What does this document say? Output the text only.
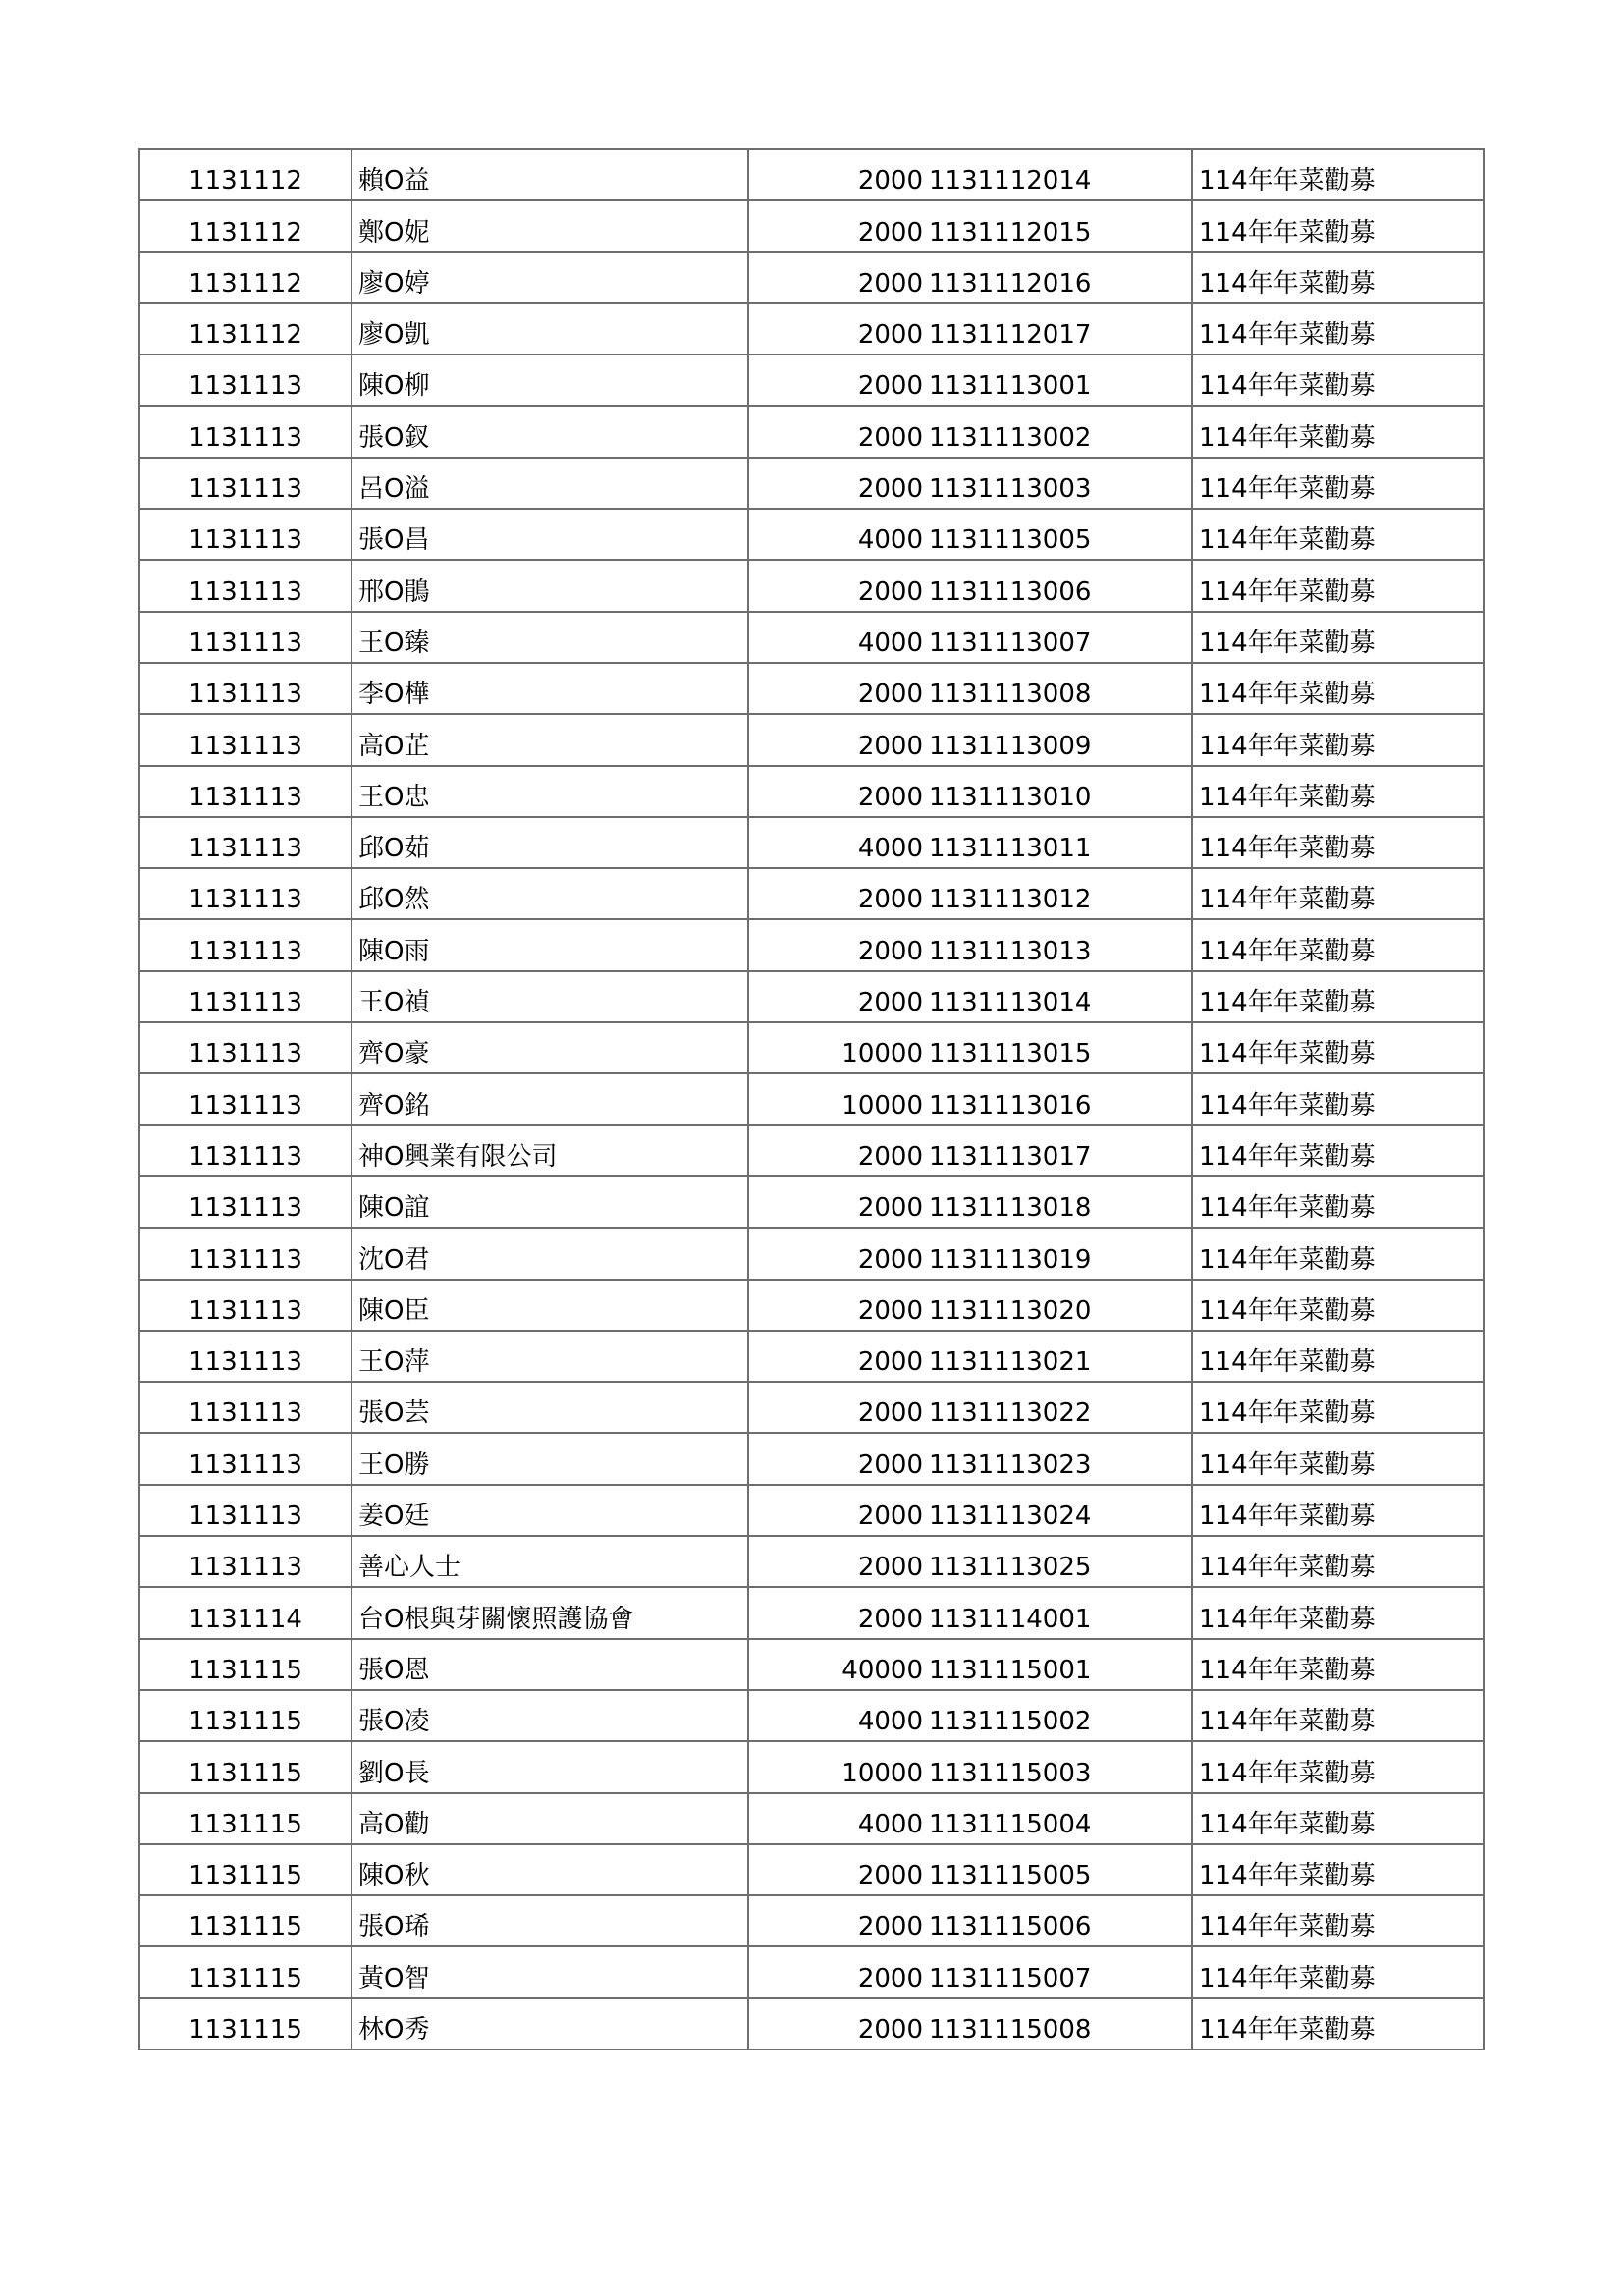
1131112	賴O益	2000	1131112014	114年年菜勸募
1131112	鄭O妮	2000	1131112015	114年年菜勸募
1131112	廖O婷	2000	1131112016	114年年菜勸募
1131112	廖O凱	2000	1131112017	114年年菜勸募
1131113	陳O柳	2000	1131113001	114年年菜勸募
1131113	張O釵	2000	1131113002	114年年菜勸募
1131113	呂O溢	2000	1131113003	114年年菜勸募
1131113	張O昌	4000	1131113005	114年年菜勸募
1131113	邢O鵑	2000	1131113006	114年年菜勸募
1131113	王O臻	4000	1131113007	114年年菜勸募
1131113	李O樺	2000	1131113008	114年年菜勸募
1131113	高O芷	2000	1131113009	114年年菜勸募
1131113	王O忠	2000	1131113010	114年年菜勸募
1131113	邱O茹	4000	1131113011	114年年菜勸募
1131113	邱O然	2000	1131113012	114年年菜勸募
1131113	陳O雨	2000	1131113013	114年年菜勸募
1131113	王O禎	2000	1131113014	114年年菜勸募
1131113	齊O豪	10000	1131113015	114年年菜勸募
1131113	齊O銘	10000	1131113016	114年年菜勸募
1131113	神O興業有限公司	2000	1131113017	114年年菜勸募
1131113	陳O誼	2000	1131113018	114年年菜勸募
1131113	沈O君	2000	1131113019	114年年菜勸募
1131113	陳O臣	2000	1131113020	114年年菜勸募
1131113	王O萍	2000	1131113021	114年年菜勸募
1131113	張O芸	2000	1131113022	114年年菜勸募
1131113	王O勝	2000	1131113023	114年年菜勸募
1131113	姜O廷	2000	1131113024	114年年菜勸募
1131113	善心人士	2000	1131113025	114年年菜勸募
1131114	台O根與芽關懷照護協會	2000	1131114001	114年年菜勸募
1131115	張O恩	40000	1131115001	114年年菜勸募
1131115	張O凌	4000	1131115002	114年年菜勸募
1131115	劉O長	10000	1131115003	114年年菜勸募
1131115	高O勸	4000	1131115004	114年年菜勸募
1131115	陳O秋	2000	1131115005	114年年菜勸募
1131115	張O琋	2000	1131115006	114年年菜勸募
1131115	黃O智	2000	1131115007	114年年菜勸募
1131115	林O秀	2000	1131115008	114年年菜勸募
